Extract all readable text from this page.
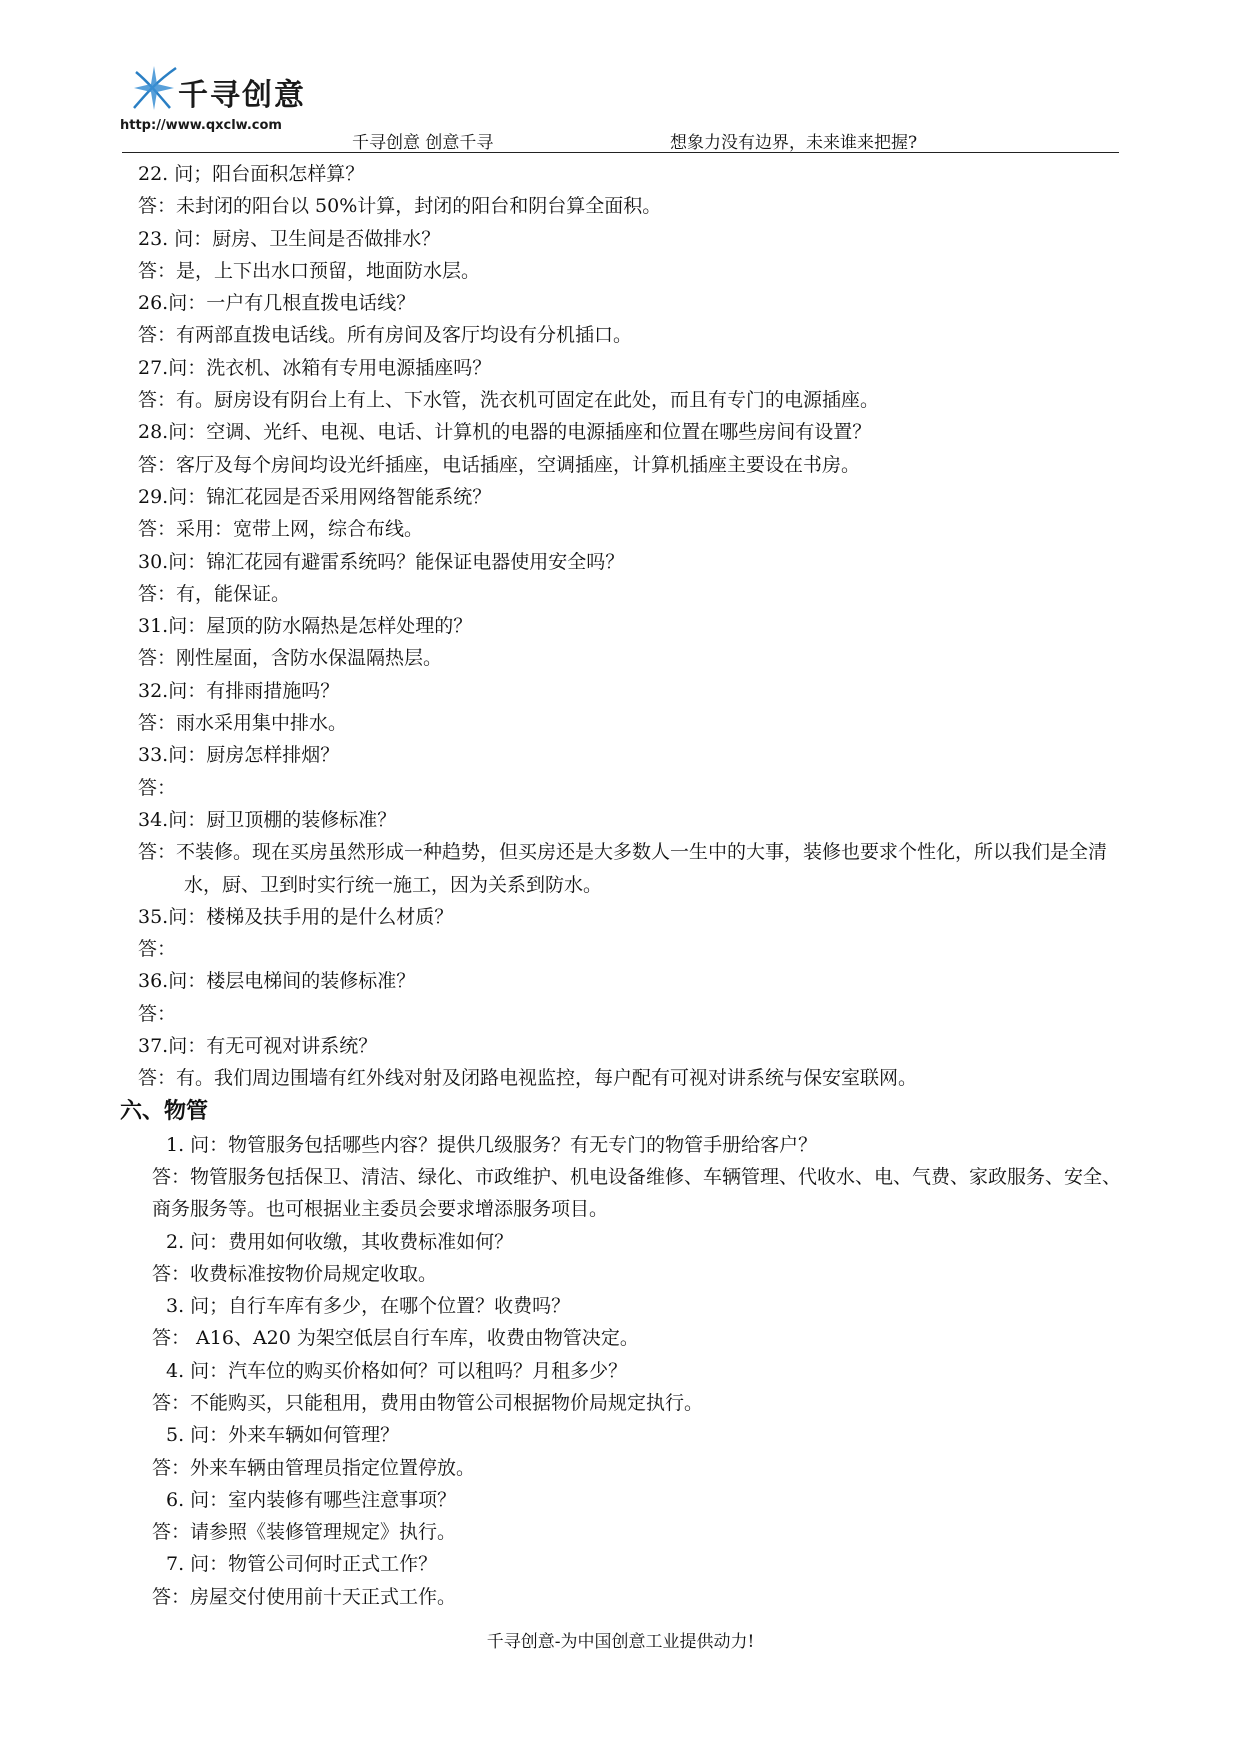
千寻创意
http://www.qxclw.com
千寻创意 创意千寻	想象力没有边界，未来谁来把握?
22. 问；阳台面积怎样算？
答：未封闭的阳台以 50%计算，封闭的阳台和阴台算全面积。
23. 问：厨房、卫生间是否做排水？
答：是，上下出水口预留，地面防水层。
26.问：一户有几根直拨电话线？
答：有两部直拨电话线。所有房间及客厅均设有分机插口。
27.问：洗衣机、冰箱有专用电源插座吗？
答：有。厨房设有阴台上有上、下水管，洗衣机可固定在此处，而且有专门的电源插座。
28.问：空调、光纤、电视、电话、计算机的电器的电源插座和位置在哪些房间有设置？
答：客厅及每个房间均设光纤插座，电话插座，空调插座，计算机插座主要设在书房。
29.问：锦汇花园是否采用网络智能系统？
答：采用：宽带上网，综合布线。
30.问：锦汇花园有避雷系统吗？能保证电器使用安全吗？
答：有，能保证。
31.问：屋顶的防水隔热是怎样处理的？
答：刚性屋面，含防水保温隔热层。
32.问：有排雨措施吗？
答：雨水采用集中排水。
33.问：厨房怎样排烟？
答：
34.问：厨卫顶棚的装修标准？
答：不装修。现在买房虽然形成一种趋势，但买房还是大多数人一生中的大事，装修也要求个性化，所以我们是全清水，厨、卫到时实行统一施工，因为关系到防水。
35.问：楼梯及扶手用的是什么材质？
答：
36.问：楼层电梯间的装修标准？
答：
37.问：有无可视对讲系统？
答：有。我们周边围墙有红外线对射及闭路电视监控，每户配有可视对讲系统与保安室联网。
六、物管
1. 问：物管服务包括哪些内容？提供几级服务？有无专门的物管手册给客户？
答：物管服务包括保卫、清洁、绿化、市政维护、机电设备维修、车辆管理、代收水、电、气费、家政服务、安全、商务服务等。也可根据业主委员会要求增添服务项目。
2. 问：费用如何收缴，其收费标准如何？
答：收费标准按物价局规定收取。
3. 问；自行车库有多少，在哪个位置？收费吗？
答： A16、A20 为架空低层自行车库，收费由物管决定。
4. 问：汽车位的购买价格如何？可以租吗？月租多少？
答：不能购买，只能租用，费用由物管公司根据物价局规定执行。
5. 问：外来车辆如何管理？
答：外来车辆由管理员指定位置停放。
6. 问：室内装修有哪些注意事项？
答：请参照《装修管理规定》执行。
7. 问：物管公司何时正式工作？
答：房屋交付使用前十天正式工作。
千寻创意-为中国创意工业提供动力!
